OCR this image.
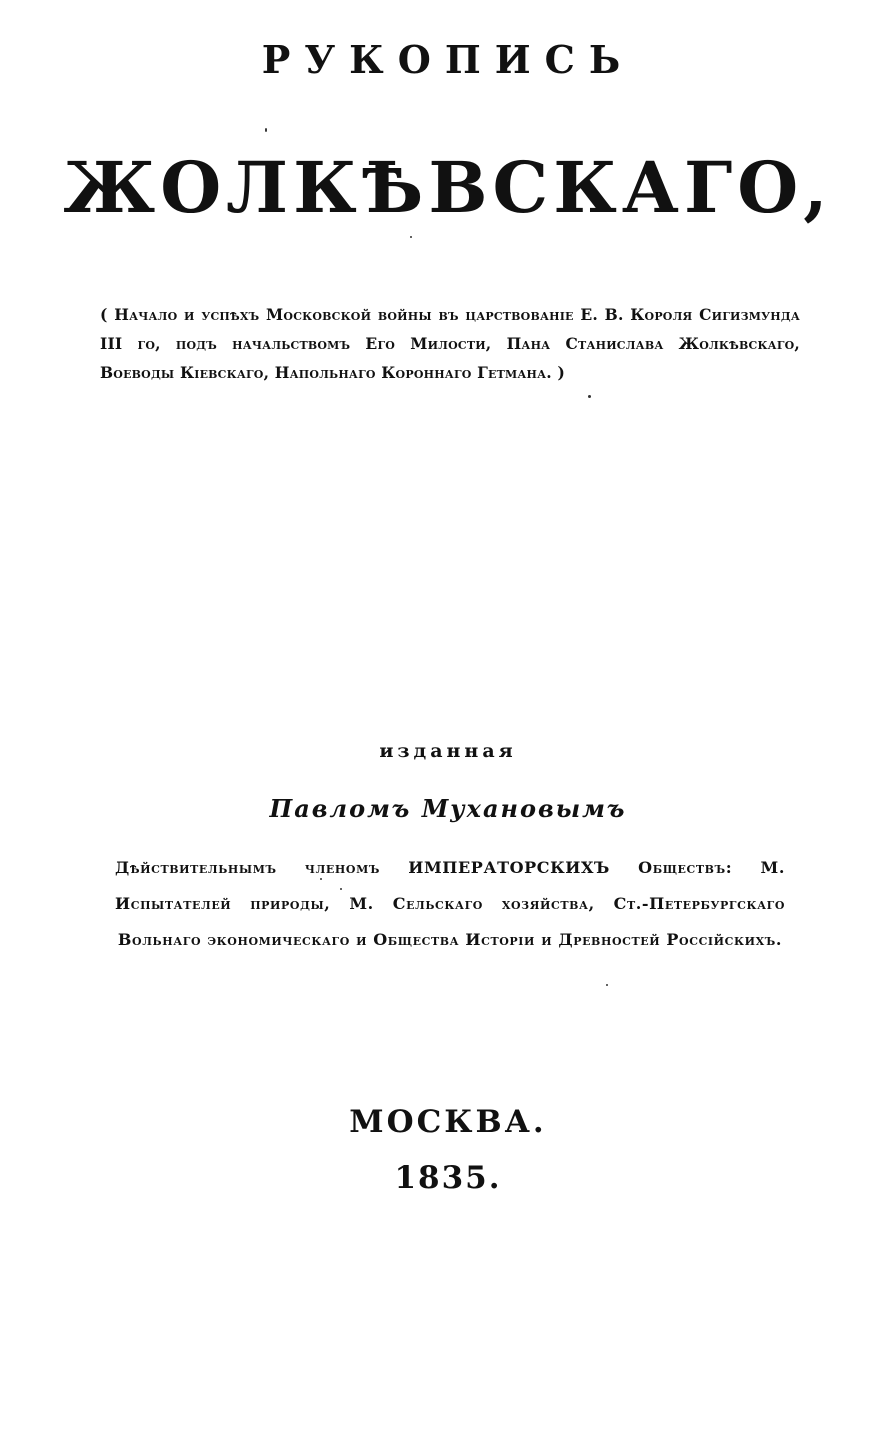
РУКОПИСЬ
ЖОЛКѢВСКАГО,
( Начало и успѣхъ Московской войны въ царствованіе Е. В. Короля Сигизмунда III го, подъ начальствомъ Его Милости, Пана Станислава Жолкѣвскаго, Воеводы Кіевскаго, Напольнаго Короннаго Гетмана. )
изданная
Павломъ Мухановымъ
Дѣйствительнымъ членомъ ИМПЕРАТОРСКИХЪ Обществъ: М. Испытателей природы, М. Сельскаго хозяйства, Ст.-Петербургскаго Вольнаго экономическаго и Общества Исторіи и Древностей Россійскихъ.
МОСКВА.
1835.
